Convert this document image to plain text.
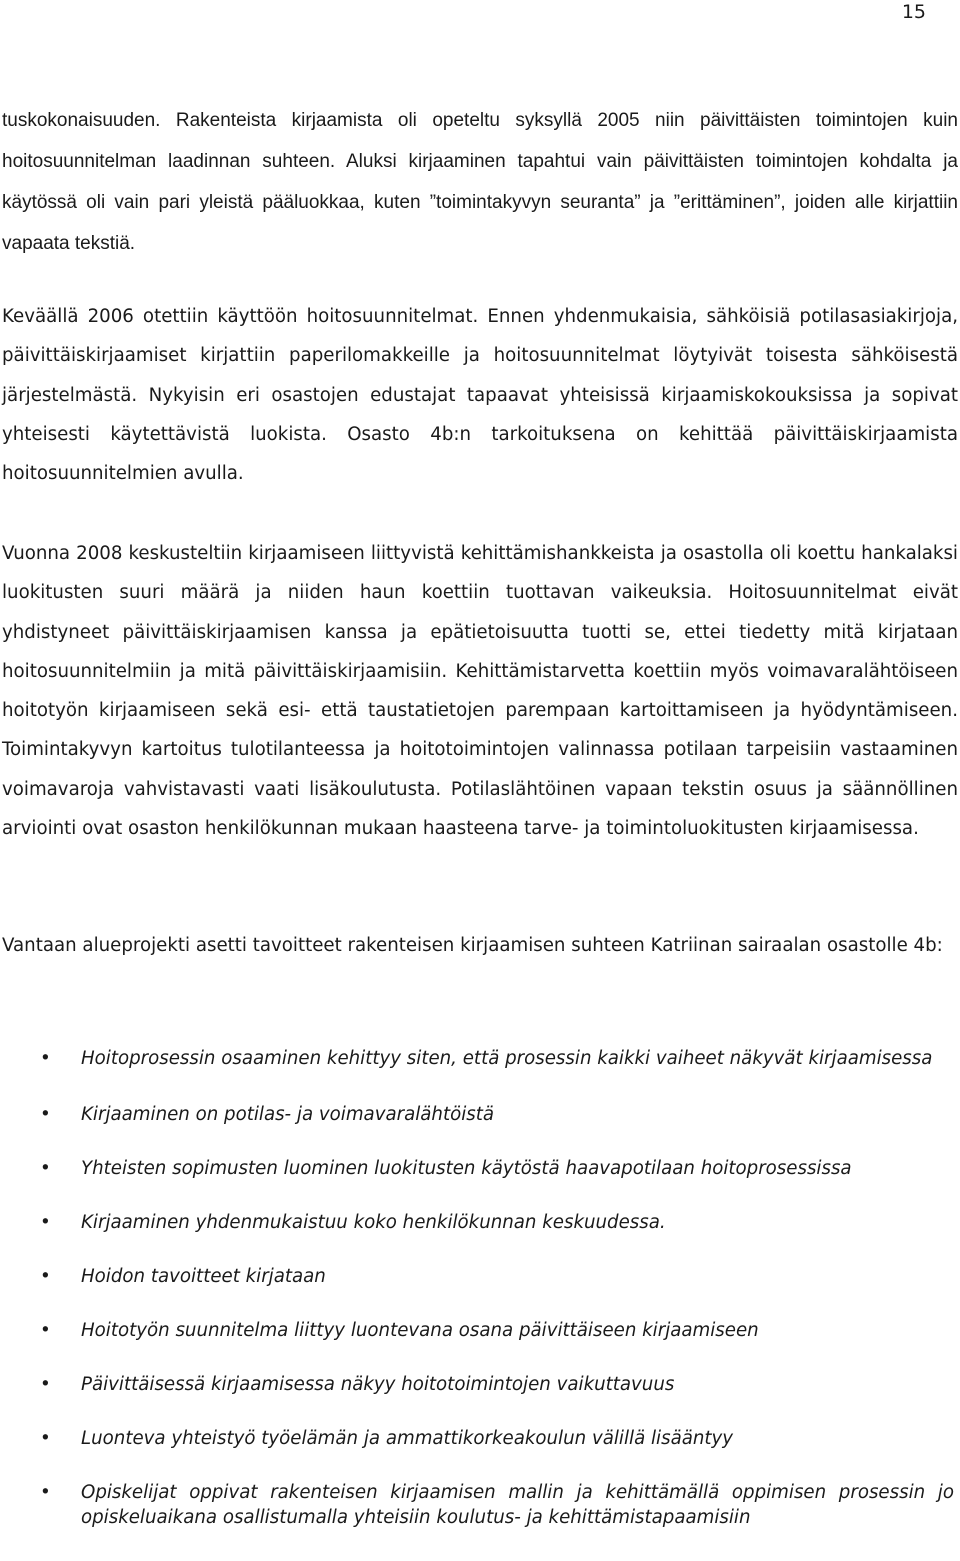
15

tuskokonaisuuden. Rakenteista kirjaamista oli opeteltu syksyllä 2005 niin päivittäisten toimintojen kuin hoitosuunnitelman laadinnan suhteen. Aluksi kirjaaminen tapahtui vain päivittäisten toimintojen kohdalta ja käytössä oli vain pari yleistä pääluokkaa, kuten ”toimintakyvyn seuranta” ja ”erittäminen”, joiden alle kirjattiin vapaata tekstiä.

Keväällä 2006 otettiin käyttöön hoitosuunnitelmat. Ennen yhdenmukaisia, sähköisiä potilasasiakirjoja, päivittäiskirjaamiset kirjattiin paperilomakkeille ja hoitosuunnitelmat löytyivät toisesta sähköisestä järjestelmästä. Nykyisin eri osastojen edustajat tapaavat yhteisissä kirjaamiskokouksissa ja sopivat yhteisesti käytettävistä luokista. Osasto 4b:n tarkoituksena on kehittää päivittäiskirjaamista hoitosuunnitelmien avulla.

Vuonna 2008 keskusteltiin kirjaamiseen liittyvistä kehittämishankkeista ja osastolla oli koettu hankalaksi luokitusten suuri määrä ja niiden haun koettiin tuottavan vaikeuksia. Hoitosuunnitelmat eivät yhdistyneet päivittäiskirjaamisen kanssa ja epätietoisuutta tuotti se, ettei tiedetty mitä kirjataan hoitosuunnitelmiin ja mitä päivittäiskirjaamisiin. Kehittämistarvetta koettiin myös voimavaralähtöiseen hoitotyön kirjaamiseen sekä esi- että taustatietojen parempaan kartoittamiseen ja hyödyntämiseen. Toimintakyvyn kartoitus tulotilanteessa ja hoitotoimintojen valinnassa potilaan tarpeisiin vastaaminen voimavaroja vahvistavasti vaati lisäkoulutusta. Potilaslähtöinen vapaan tekstin osuus ja säännöllinen arviointi ovat osaston henkilökunnan mukaan haasteena tarve- ja toimintoluokitusten kirjaamisessa.

Vantaan alueprojekti asetti tavoitteet rakenteisen kirjaamisen suhteen Katriinan sairaalan osastolle 4b:

• Hoitoprosessin osaaminen kehittyy siten, että prosessin kaikki vaiheet näkyvät kirjaamisessa
• Kirjaaminen on potilas- ja voimavaralähtöistä
• Yhteisten sopimusten luominen luokitusten käytöstä haavapotilaan hoitoprosessissa
• Kirjaaminen yhdenmukaistuu koko henkilökunnan keskuudessa.
• Hoidon tavoitteet kirjataan
• Hoitotyön suunnitelma liittyy luontevana osana päivittäiseen kirjaamiseen
• Päivittäisessä kirjaamisessa näkyy hoitotoimintojen vaikuttavuus
• Luonteva yhteistyö työelämän ja ammattikorkeakoulun välillä lisääntyy
• Opiskelijat oppivat rakenteisen kirjaamisen mallin ja kehittämällä oppimisen prosessin jo opiskeluaikana osallistumalla yhteisiin koulutus- ja kehittämistapaamisiin
